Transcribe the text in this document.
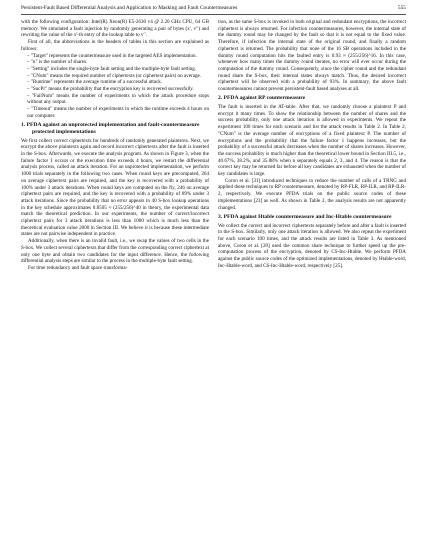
Persistent-Fault Based Differential Analysis and Application to Masking and Fault Countermeasures	555

with the following configuration: Intel(R) Xeon(R) E5-2630 v4 @ 2.20 GHz CPU, 64 GB memory. We simulated a fault injection by randomly generating a pair of bytes (x′, v′′) and rewriting the value of the x′-th entry of the lookup table to v′′.

First of all, the abbreviations in the headers of tables in this section are explained as follows:

– "Target" represents the countermeasure used in the targeted AES implementation.

– "n" is the number of shares.

– "Setting" includes the single-byte fault setting and the multiple-byte fault setting.

– "CNum" means the required number of ciphertexts (or ciphertext pairs) on average.

– "Runtime" represents the average runtime of a successful attack.

– "SucPr" means the probability that the encryption key is recovered successfully.

– "FailNum" means the number of experiments in which the attack procedure stops without any output.

– "Timeout" means the number of experiments in which the runtime exceeds 4 hours on our computer.

1. PFDA against an unprotected implementation and fault-countermeasure protected implementations

We first collect correct ciphertexts for hundreds of randomly generated plaintexts. Next, we encrypt the above plaintexts again and record incorrect ciphertexts after the fault is inserted in the S-box. Afterwards, we execute the analysis program. As shown in Figure 3, when the failure factor 1 occurs or the execution time exceeds 4 hours, we restart the differential analysis process, called an attack iteration. For an unprotected implementation, we perform 1000 trials separately in the following two cases. When round keys are precomputed, 264 on average ciphertext pairs are required, and the key is recovered with a probability of 100% under 3 attack iterations. When round keys are computed on the fly, 246 on average ciphertext pairs are required, and the key is recovered with a probability of 89% under 3 attack iterations. Since the probability that no error appears in 40 S-box lookup operations in the key schedule approximates 0.8505 ≈ (255/256)^40 in theory, the experimental data match the theoretical prediction. In our experiments, the number of correct/incorrect ciphertext pairs for 3 attack iterations is less than 1000 which is much less than the theoretical evaluation value 2000 in Section III. We believe it is because these intermediate states are not pairwise independent in practice.

Additionally, when there is an invalid fault, i.e., we swap the values of two cells in the S-box. We collect several ciphertexts that differ from the corresponding correct ciphertext at only one byte and obtain two candidates for the input difference. Hence, the following differential analysis steps are similar to the process in the multiple-byte fault setting.

For time redundancy and fault space transforma-

tion, as the same S-box is invoked in both original and redundant encryptions, the incorrect ciphertext is always returned. For infection countermeasures, however, the internal state of the dummy round may be changed by the fault so that it is not equal to the fixed value. Therefore, if infection the internal state of the original round, and finally a random ciphertext is returned. The probability that none of the 16 SB operations included in the dummy round computation hits the faulted entry is 0.93 ≈ (255/256)^16. In this case, whenever how many times the dummy round iterates, no error will ever occur during the computation of the dummy round. Consequently, since the cipher round and the redundant round share the S-box, their internal states always match. Thus, the desired incorrect ciphertext will be observed with a probability of 93%. In summary, the above fault countermeasures cannot prevent persistent-fault based analyses at all.

2. PFDA against RP countermeasure

The fault is inserted in the AT-table. After that, we randomly choose a plaintext P and encrypt it many times. To show the relationship between the number of shares and the success probability, only one attack iteration is allowed in experiments. We repeat the experiment 100 times for each scenario and list the attack results in Table 2. In Table 2, "CNum" is the average number of encryptions of a fixed plaintext P. The number of encryptions and the probability that the failure factor 1 happens increases, but the probability of a successful attack decreases when the number of shares increases. However, the success probability is much higher than the theoretical lower bound in Section III.5, i.e., 40.67%, 38.2%, and 35.88% when n separately equals 2, 3, and 4. The reason is that the correct key may be returned far before all key candidates are exhausted when the number of key candidates is large.

Coron et al. [31] introduced techniques to reduce the number of calls of a TRNG and applied these techniques to RP countermeasure, denoted by RP-FLR, RP-ILR, and RP-ILR-2, respectively. We execute PFDA trials on the public source codes of these implementations [23] as well. As shown in Table 2, the analysis results are not apparently changed.

3. PFDA against Htable countermeasure and Inc-Htable countermeasure

We collect the correct and incorrect ciphertexts separately before and after a fault is inserted in the S-box. Similarly, only one attack iteration is allowed. We also repeat the experiment for each scenario 100 times, and the attack results are listed in Table 3. As mentioned above, Coron et al. [20] used the common share technique to further speed up the pre-computation process of the encryption, denoted by CS-Inc-Htable. We perform PFDA against the public source codes of the optimized implementations, denoted by Htable-word, Inc-Htable-word, and CS-Inc-Htable-word, respectively [25].
